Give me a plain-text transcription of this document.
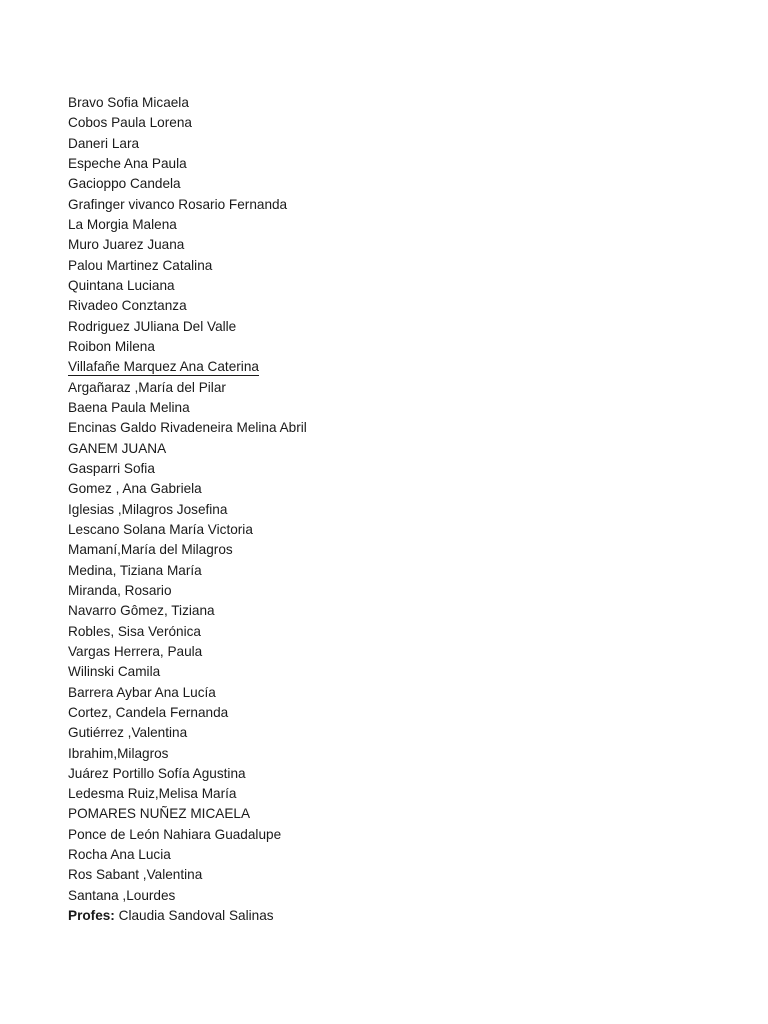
Bravo Sofia Micaela
Cobos Paula Lorena
Daneri Lara
Espeche Ana Paula
Gacioppo Candela
Grafinger vivanco Rosario Fernanda
La Morgia Malena
Muro Juarez Juana
Palou Martinez Catalina
Quintana Luciana
Rivadeo Conztanza
Rodriguez JUliana Del Valle
Roibon Milena
Villafañe Marquez Ana Caterina
Argañaraz ,María del Pilar
Baena Paula Melina
Encinas Galdo Rivadeneira Melina Abril
GANEM JUANA
Gasparri Sofia
Gomez , Ana Gabriela
Iglesias ,Milagros Josefina
Lescano Solana María Victoria
Mamaní,María del Milagros
Medina, Tiziana María
Miranda, Rosario
Navarro Gômez, Tiziana
Robles, Sisa Verónica
Vargas Herrera, Paula
Wilinski Camila
Barrera Aybar Ana Lucía
Cortez, Candela Fernanda
Gutiérrez ,Valentina
Ibrahim,Milagros
Juárez Portillo Sofía Agustina
Ledesma Ruiz,Melisa María
POMARES NUÑEZ MICAELA
Ponce de León Nahiara Guadalupe
Rocha Ana Lucia
Ros Sabant ,Valentina
Santana ,Lourdes
Profes: Claudia Sandoval Salinas
